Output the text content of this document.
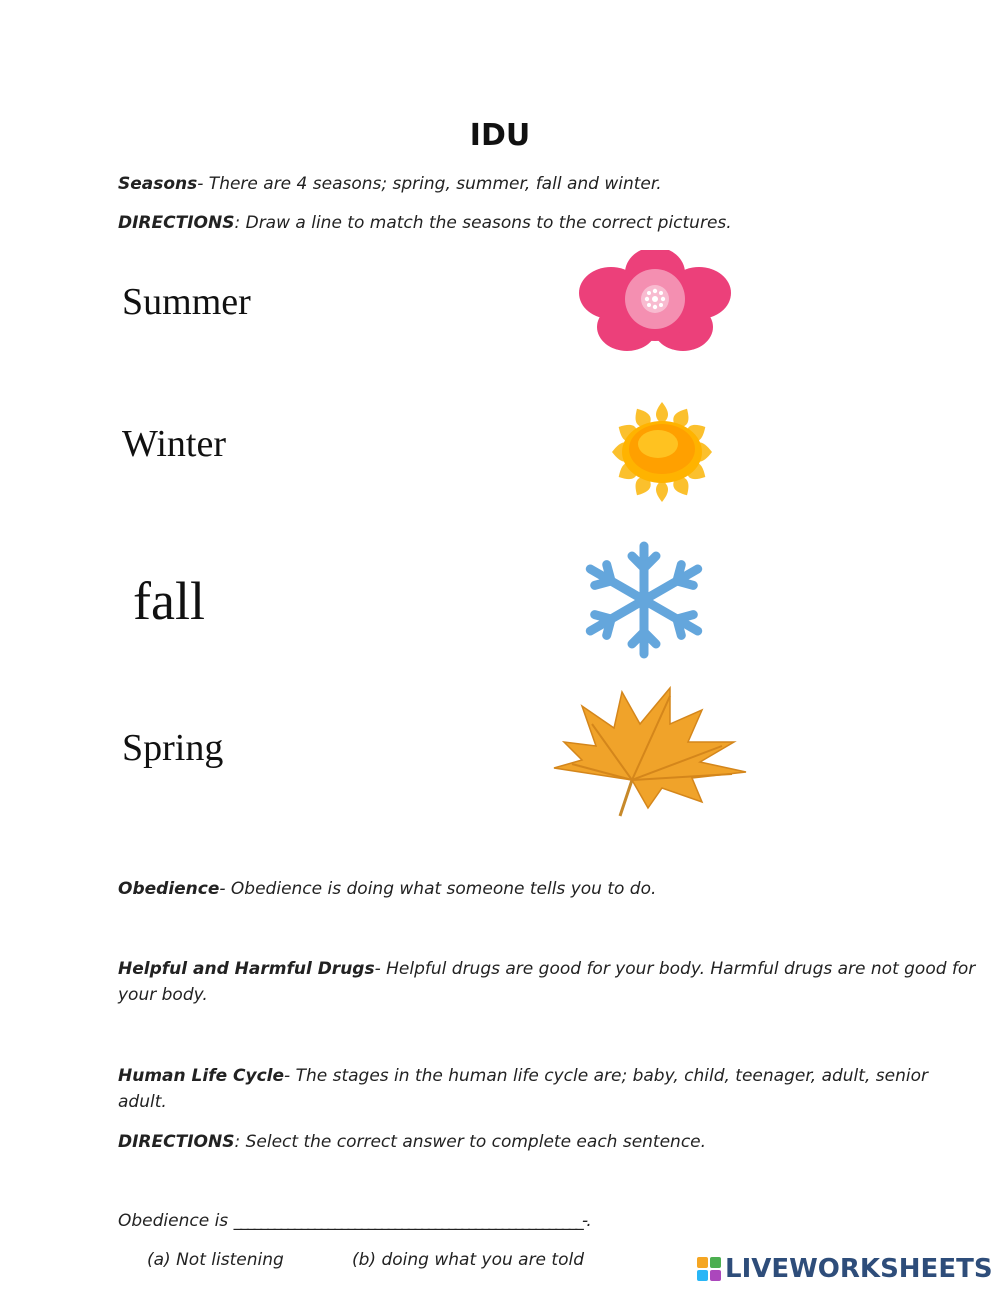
IDU
Seasons- There are 4 seasons; spring, summer, fall and winter.
DIRECTIONS: Draw a line to match the seasons to the correct pictures.
Summer
Winter
fall
Spring
Obedience- Obedience is doing what someone tells you to do.
Helpful and Harmful Drugs- Helpful drugs are good for your body. Harmful drugs are not good for your body.
Human Life Cycle- The stages in the human life cycle are; baby, child, teenager, adult, senior adult.
DIRECTIONS: Select the correct answer to complete each sentence.
Obedience is ____________________________________________________-.
(a) Not listening	(b) doing what you are told	LIVEWORKSHEETS
